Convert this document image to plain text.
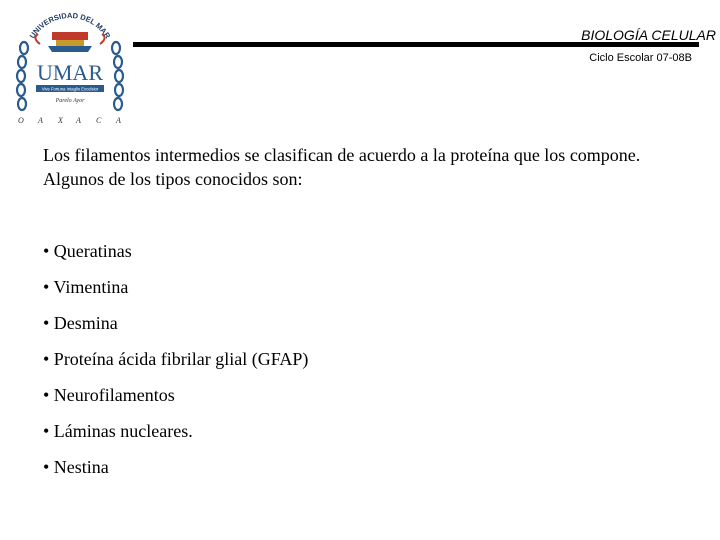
UNIVERSIDAD DEL MAR
UMAR
Vive Fortuna Intaglio Excelsior
Parelo Ayor
O A X A C A
BIOLOGÍA CELULAR
Ciclo Escolar 07-08B
Los filamentos intermedios se clasifican de acuerdo a la proteína que los compone. Algunos de los tipos conocidos son:
• Queratinas
• Vimentina
• Desmina
• Proteína ácida fibrilar glial (GFAP)
• Neurofilamentos
• Láminas nucleares.
• Nestina
